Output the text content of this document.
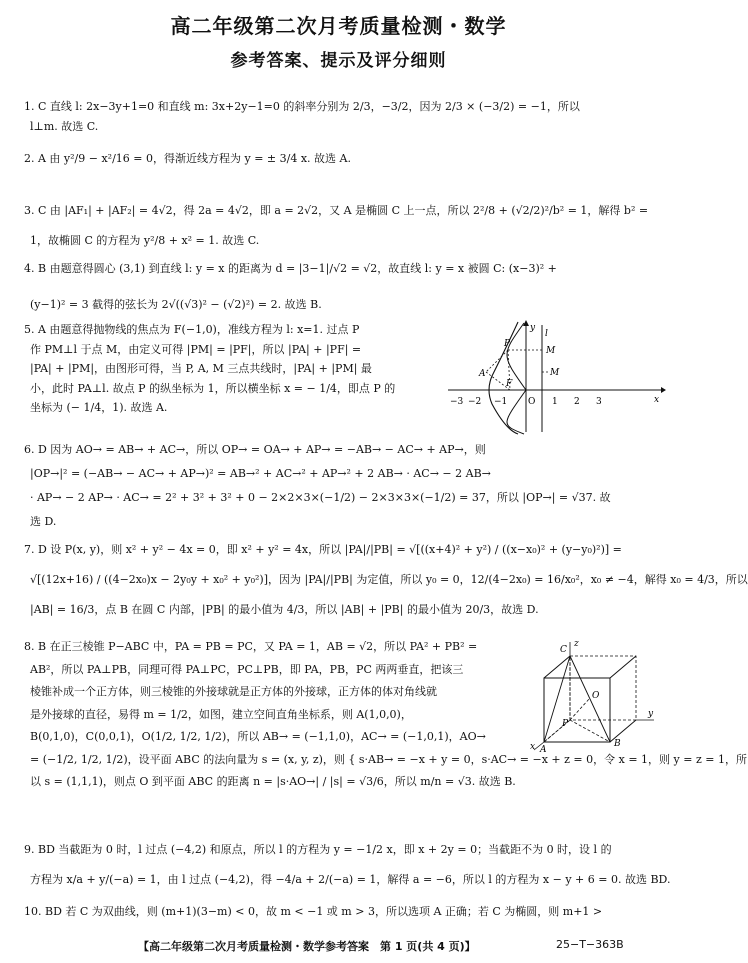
高二年级第二次月考质量检测・数学
参考答案、提示及评分细则
1. C 直线 l: 2x−3y+1=0 和直线 m: 3x+2y−1=0 的斜率分别为 2/3，−3/2，因为 2/3 × (−3/2) = −1，所以
l⊥m. 故选 C.
2. A 由 y²/9 − x²/16 = 0，得渐近线方程为 y = ± 3/4 x. 故选 A.
3. C 由 |AF₁| + |AF₂| = 4√2，得 2a = 4√2，即 a = 2√2，又 A 是椭圆 C 上一点，所以 2²/8 + (√2/2)²/b² = 1，解得 b² =
1，故椭圆 C 的方程为 y²/8 + x² = 1. 故选 C.
4. B 由题意得圆心 (3,1) 到直线 l: y = x 的距离为 d = |3−1|/√2 = √2，故直线 l: y = x 被圆 C: (x−3)² +
(y−1)² = 3 截得的弦长为 2√((√3)² − (√2)²) = 2. 故选 B.
5. A 由题意得抛物线的焦点为 F(−1,0)，准线方程为 l: x=1. 过点 P
作 PM⊥l 于点 M，由定义可得 |PM| = |PF|，所以 |PA| + |PF| =
|PA| + |PM|，由图形可得，当 P, A, M 三点共线时，|PA| + |PM| 最
小，此时 PA⊥l. 故点 P 的纵坐标为 1，所以横坐标 x = − 1/4，即点 P 的
坐标为 (− 1/4，1). 故选 A.
6. D 因为 AO→ = AB→ + AC→，所以 OP→ = OA→ + AP→ = −AB→ − AC→ + AP→，则
|OP→|² = (−AB→ − AC→ + AP→)² = AB→² + AC→² + AP→² + 2 AB→ · AC→ − 2 AB→
· AP→ − 2 AP→ · AC→ = 2² + 3² + 3² + 0 − 2×2×3×(−1/2) − 2×3×3×(−1/2) = 37，所以 |OP→| = √37. 故
选 D.
7. D 设 P(x, y)，则 x² + y² − 4x = 0，即 x² + y² = 4x，所以 |PA|/|PB| = √[((x+4)² + y²) / ((x−x₀)² + (y−y₀)²)] =
√[(12x+16) / ((4−2x₀)x − 2y₀y + x₀² + y₀²)]，因为 |PA|/|PB| 为定值，所以 y₀ = 0，12/(4−2x₀) = 16/x₀²，x₀ ≠ −4，解得 x₀ = 4/3，所以
|AB| = 16/3，点 B 在圆 C 内部，|PB| 的最小值为 4/3，所以 |AB| + |PB| 的最小值为 20/3，故选 D.
8. B 在正三棱锥 P−ABC 中，PA = PB = PC，又 PA = 1，AB = √2，所以 PA² + PB² =
AB²，所以 PA⊥PB，同理可得 PA⊥PC，PC⊥PB，即 PA，PB，PC 两两垂直，把该三
棱锥补成一个正方体，则三棱锥的外接球就是正方体的外接球，正方体的体对角线就
是外接球的直径，易得 m = 1/2，如图，建立空间直角坐标系，则 A(1,0,0)，
B(0,1,0)，C(0,0,1)，O(1/2, 1/2, 1/2)，所以 AB→ = (−1,1,0)，AC→ = (−1,0,1)，AO→
= (−1/2, 1/2, 1/2)，设平面 ABC 的法向量为 s = (x, y, z)，则 { s·AB→ = −x + y = 0，s·AC→ = −x + z = 0，令 x = 1，则 y = z = 1，所
以 s = (1,1,1)，则点 O 到平面 ABC 的距离 n = |s·AO→| / |s| = √3/6，所以 m/n = √3. 故选 B.
9. BD 当截距为 0 时，l 过点 (−4,2) 和原点，所以 l 的方程为 y = −1/2 x，即 x + 2y = 0；当截距不为 0 时，设 l 的
方程为 x/a + y/(−a) = 1，由 l 过点 (−4,2)，得 −4/a + 2/(−a) = 1，解得 a = −6，所以 l 的方程为 x − y + 6 = 0. 故选 BD.
10. BD 若 C 为双曲线，则 (m+1)(3−m) < 0，故 m < −1 或 m > 3，所以选项 A 正确；若 C 为椭圆，则 m+1 >
−3 −2 −1 O 1 2 3
y
x
P
M
M
A
l
F
C
z
O
P
A
B
y
x
【高二年级第二次月考质量检测・数学参考答案　第 1 页(共 4 页)】	25−T−363B
